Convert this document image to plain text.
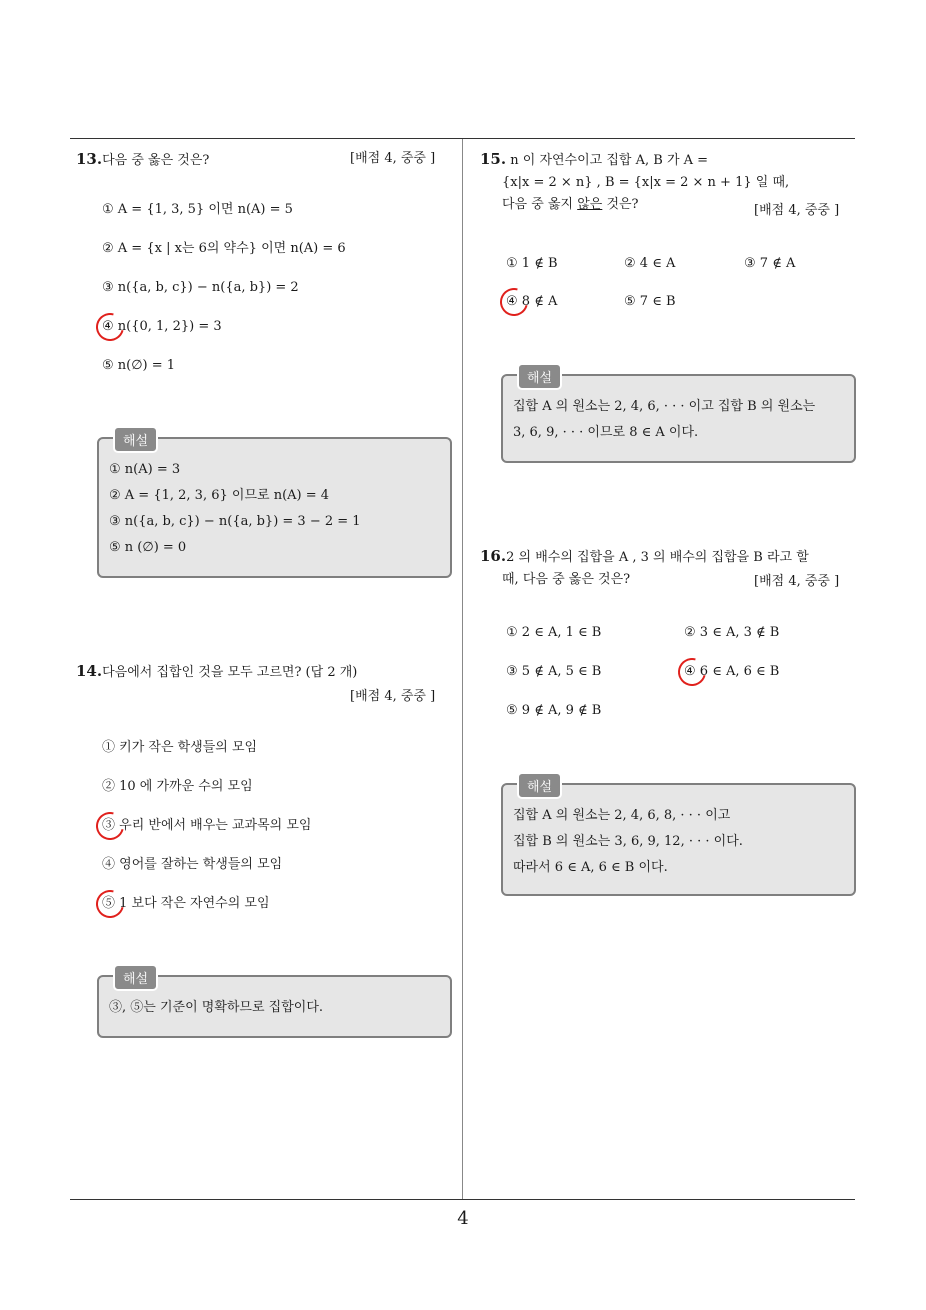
13.다음 중 옳은 것은?	[배점 4, 중중 ]
① A = {1, 3, 5} 이면 n(A) = 5
② A = {x | x는 6의 약수} 이면 n(A) = 6
③ n({a, b, c}) − n({a, b}) = 2
④ n({0, 1, 2}) = 3
⑤ n(∅) = 1
해설
① n(A) = 3
② A = {1, 2, 3, 6} 이므로 n(A) = 4
③ n({a, b, c}) − n({a, b}) = 3 − 2 = 1
⑤ n (∅) = 0
14.다음에서 집합인 것을 모두 고르면? (답 2 개)
[배점 4, 중중 ]
① 키가 작은 학생들의 모임
② 10 에 가까운 수의 모임
③ 우리 반에서 배우는 교과목의 모임
④ 영어를 잘하는 학생들의 모임
⑤ 1 보다 작은 자연수의 모임
해설
③, ⑤는 기준이 명확하므로 집합이다.
15. n 이 자연수이고 집합 A, B 가 A =
{x|x = 2 × n} , B = {x|x = 2 × n + 1} 일 때,
다음 중 옳지 않은 것은?	[배점 4, 중중 ]
① 1 ∉ B	② 4 ∈ A	③ 7 ∉ A
④ 8 ∉ A	⑤ 7 ∈ B
해설
집합 A 의 원소는 2, 4, 6, · · · 이고 집합 B 의 원소는
3, 6, 9, · · · 이므로 8 ∈ A 이다.
16.2 의 배수의 집합을 A , 3 의 배수의 집합을 B 라고 할
때, 다음 중 옳은 것은?	[배점 4, 중중 ]
① 2 ∈ A, 1 ∈ B	② 3 ∈ A, 3 ∉ B
③ 5 ∉ A, 5 ∈ B	④ 6 ∈ A, 6 ∈ B
⑤ 9 ∉ A, 9 ∉ B
해설
집합 A 의 원소는 2, 4, 6, 8, · · · 이고
집합 B 의 원소는 3, 6, 9, 12, · · · 이다.
따라서 6 ∈ A, 6 ∈ B 이다.
4
